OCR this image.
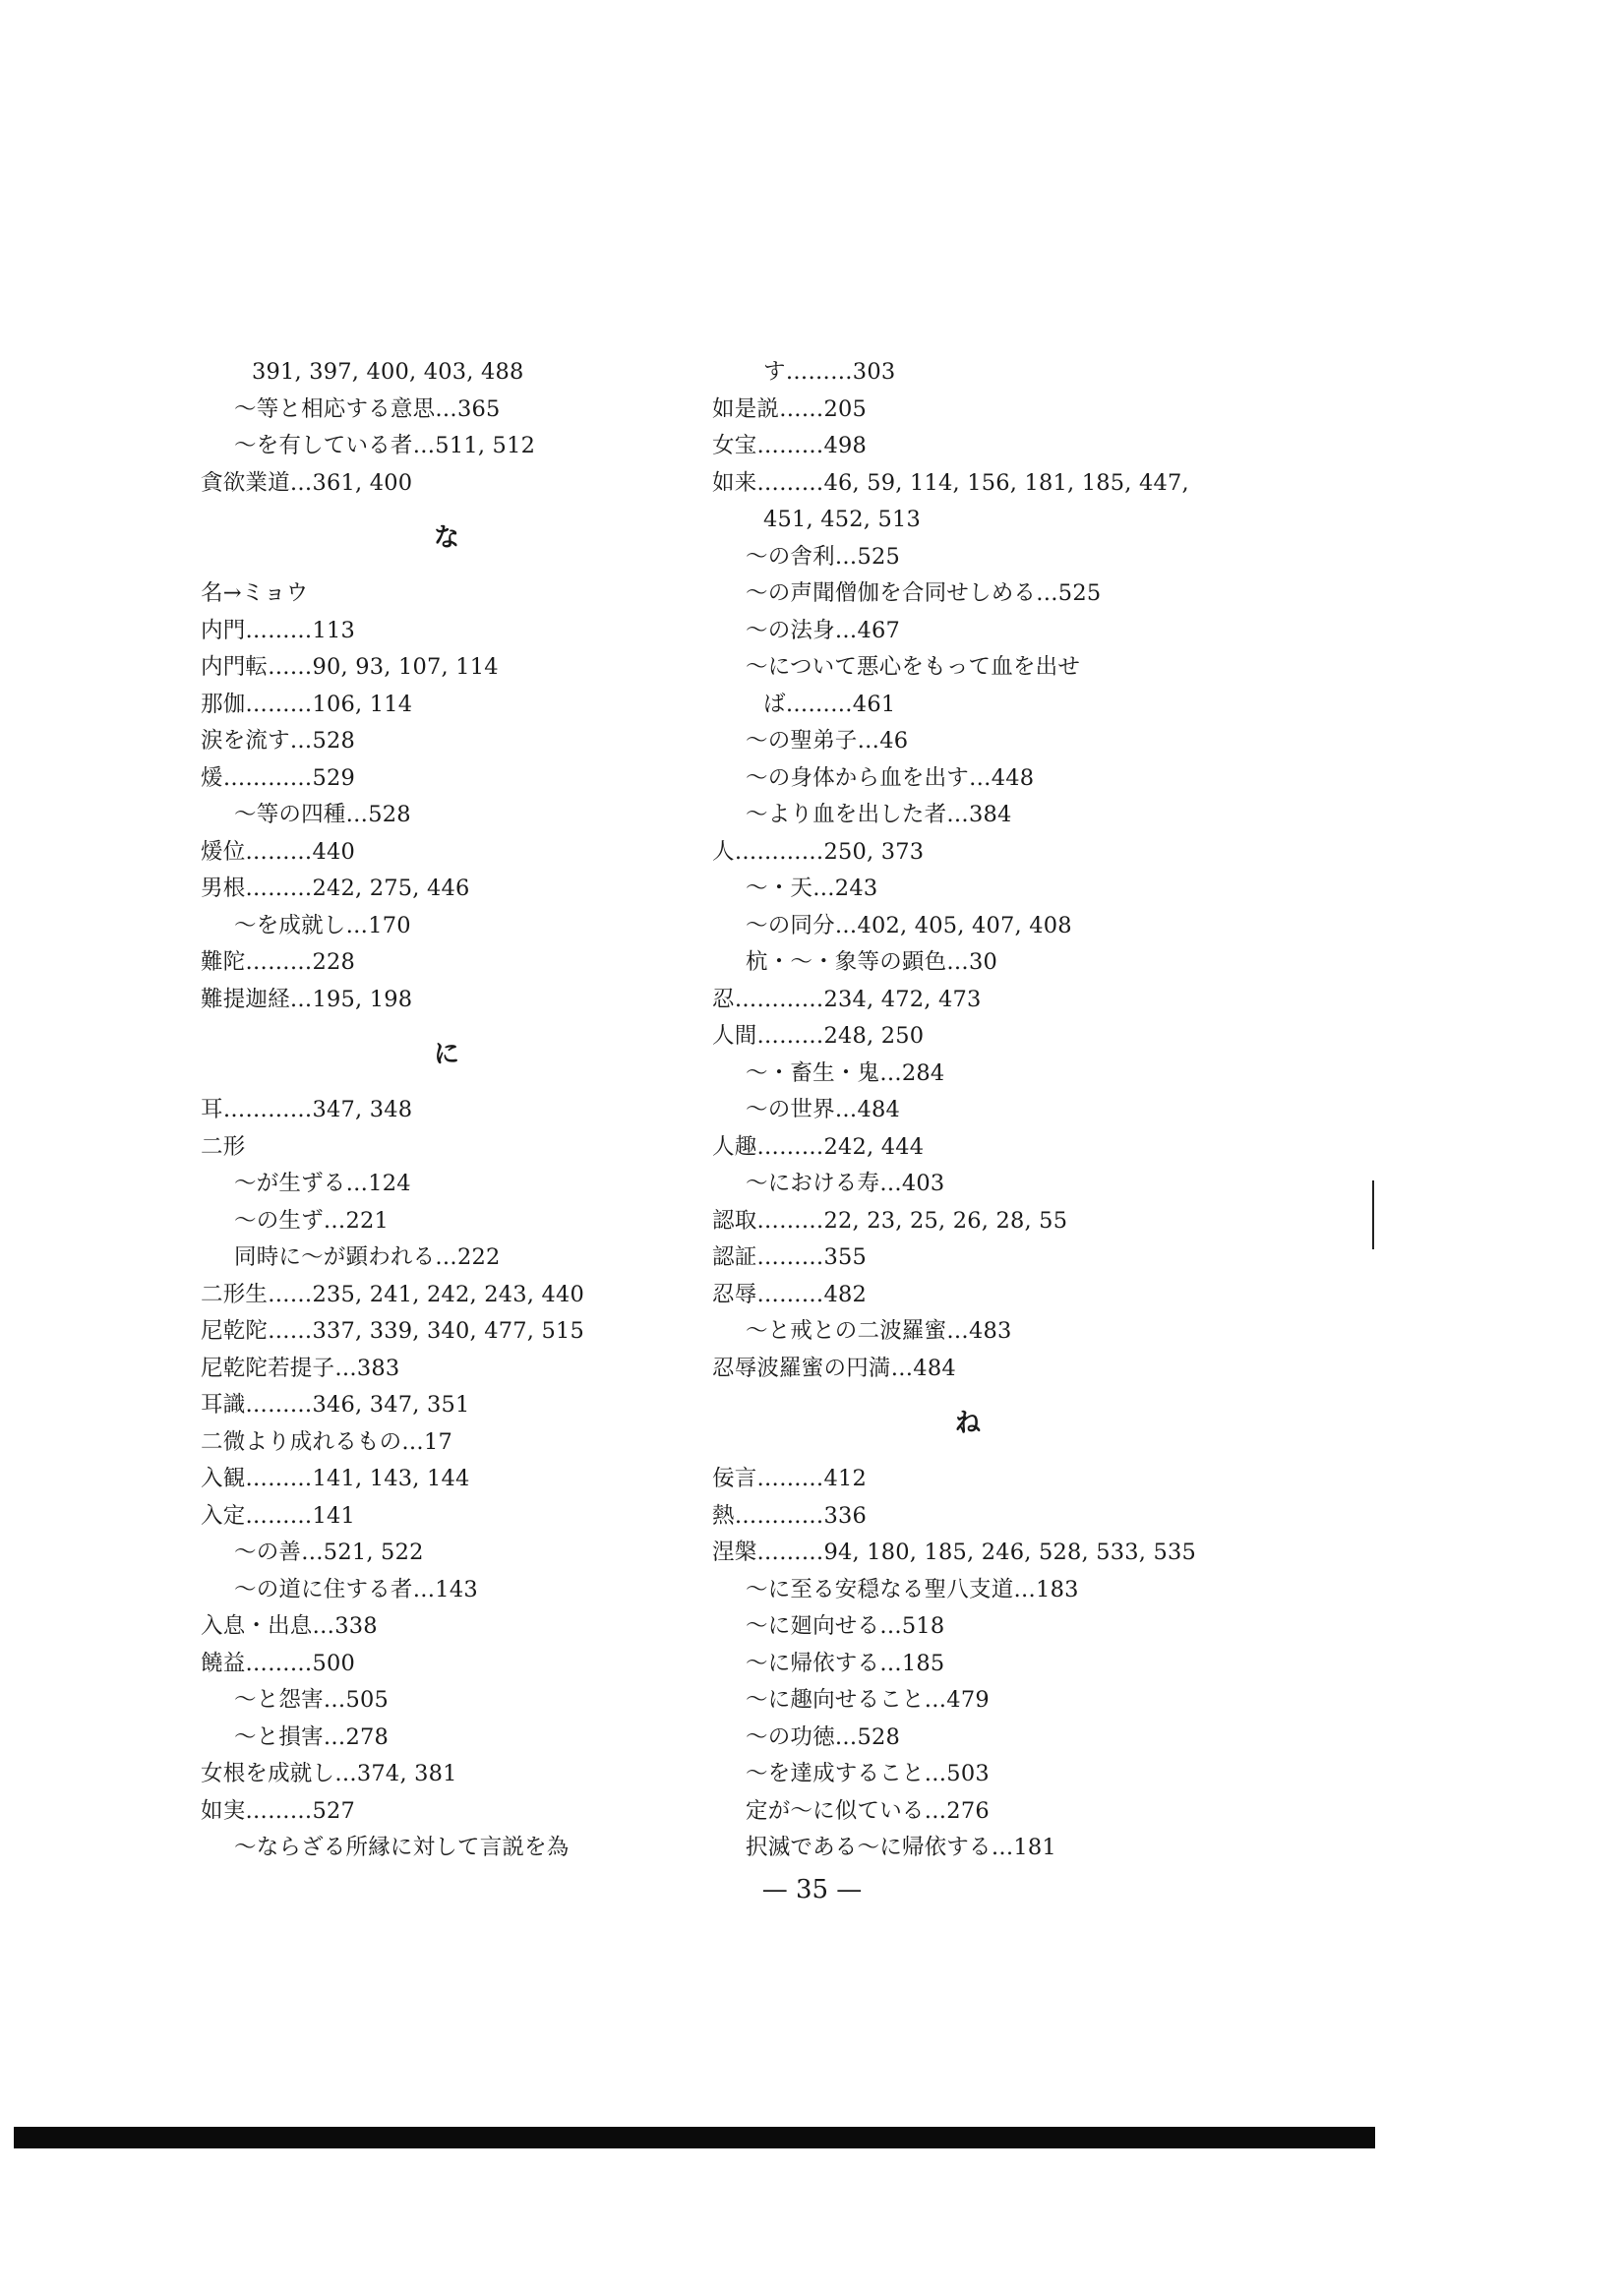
391, 397, 400, 403, 488
〜等と相応する意思…365
〜を有している者…511, 512
貪欲業道…361, 400
な
名→ミョウ
内門………113
内門転……90, 93, 107, 114
那伽………106, 114
涙を流す…528
煖…………529
〜等の四種…528
煖位………440
男根………242, 275, 446
〜を成就し…170
難陀………228
難提迦経…195, 198
に
耳…………347, 348
二形
〜が生ずる…124
〜の生ず…221
同時に〜が顕われる…222
二形生……235, 241, 242, 243, 440
尼乾陀……337, 339, 340, 477, 515
尼乾陀若提子…383
耳識………346, 347, 351
二微より成れるもの…17
入観………141, 143, 144
入定………141
〜の善…521, 522
〜の道に住する者…143
入息・出息…338
饒益………500
〜と怨害…505
〜と損害…278
女根を成就し…374, 381
如実………527
〜ならざる所縁に対して言説を為
す………303
如是説……205
女宝………498
如来………46, 59, 114, 156, 181, 185, 447,
451, 452, 513
〜の舎利…525
〜の声聞僧伽を合同せしめる…525
〜の法身…467
〜について悪心をもって血を出せ
ば………461
〜の聖弟子…46
〜の身体から血を出す…448
〜より血を出した者…384
人…………250, 373
〜・天…243
〜の同分…402, 405, 407, 408
杭・〜・象等の顕色…30
忍…………234, 472, 473
人間………248, 250
〜・畜生・鬼…284
〜の世界…484
人趣………242, 444
〜における寿…403
認取………22, 23, 25, 26, 28, 55
認証………355
忍辱………482
〜と戒との二波羅蜜…483
忍辱波羅蜜の円満…484
ね
佞言………412
熱…………336
涅槃………94, 180, 185, 246, 528, 533, 535
〜に至る安穏なる聖八支道…183
〜に廻向せる…518
〜に帰依する…185
〜に趣向せること…479
〜の功徳…528
〜を達成すること…503
定が〜に似ている…276
択滅である〜に帰依する…181
— 35 —
